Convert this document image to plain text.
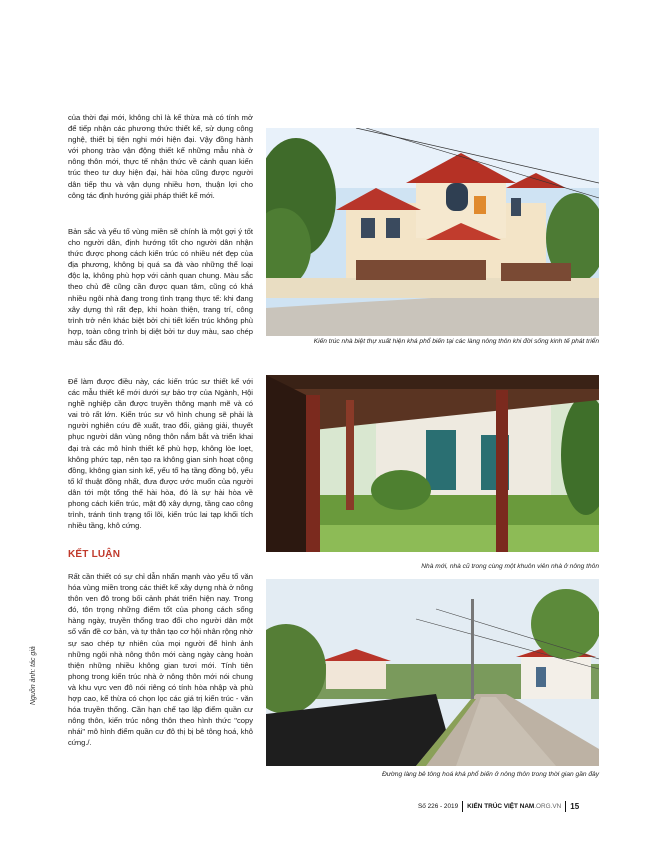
của thời đại mới, không chỉ là kế thừa mà có tính mở để tiếp nhận các phương thức thiết kế, sử dụng công nghệ, thiết bị tiện nghi mới hiện đại. Vậy đồng hành với phong trào vận động thiết kế những mẫu nhà ở nông thôn mới, thực tế nhận thức về cảnh quan kiến trúc theo tư duy hiện đại, hài hòa cũng được người dân tiếp thu và vận dụng nhiều hơn, thuận lợi cho công tác định hướng giải pháp thiết kế mới.

Bản sắc và yếu tố vùng miền sẽ chính là một gợi ý tốt cho người dân, định hướng tốt cho người dân nhận thức được phong cách kiến trúc có nhiều nét đẹp của địa phương, không bị quá sa đà vào những thể loại độc lạ, không phù hợp với cảnh quan chung. Màu sắc theo chủ đề cũng cần được quan tâm, cũng có khá nhiều ngôi nhà đang trong tình trạng thực tế: khi đang xây dựng thì rất đẹp, khi hoàn thiện, trang trí, công trình trở nên khác biệt bởi chi tiết kiến trúc không phù hợp, toàn công trình bị diệt bởi tư duy màu, sao chép màu sắc đầu đó.

Để làm được điều này, các kiến trúc sư thiết kế với các mẫu thiết kế mới dưới sự bảo trợ của Ngành, Hội nghề nghiệp cần được truyền thông mạnh mẽ và có vai trò rất lớn. Kiến trúc sư vô hình chung sẽ phải là người nghiên cứu đề xuất, trao đổi, giảng giải, thuyết phục người dân vùng nông thôn nắm bắt và triển khai đại trà các mô hình thiết kế phù hợp, không lòe loẹt, không phức tạp, nên tạo ra không gian sinh hoạt cộng đồng, không gian sinh kế, yếu tố hạ tầng đồng bộ, yếu tố kĩ thuật đồng nhất, đưa được ước muốn của người dân tới một tổng thể hài hòa, đó là sự hài hòa về phong cách kiến trúc, mật độ xây dựng, tầng cao công trình, tránh tình trạng tối lõi, kiến trúc lai tạp khối tích nhiều tầng, khô cứng.

KẾT LUẬN

Rất cần thiết có sự chỉ dẫn nhấn mạnh vào yếu tố văn hóa vùng miền trong các thiết kế xây dựng nhà ở nông thôn ven đô trong bối cảnh phát triển hiện nay. Trong đó, tôn trọng những điểm tốt của phong cách sống hàng ngày, truyền thống trao đổi cho người dân một số vấn đề cơ bản, và tự thân tạo cơ hội nhân rộng nhờ sự sao chép tự nhiên của mọi người để hình ảnh những ngôi nhà nông thôn mới càng ngày càng hoàn thiện những nhiều không gian tươi mới. Tính tiên phong trong kiến trúc nhà ở nông thôn mới nói chung và khu vực ven đô nói riêng có tính hòa nhập và phù hợp cao, kế thừa có chọn lọc các giá trị kiến trúc - văn hóa truyền thống. Cần hạn chế tạo lập điểm quần cư nông thôn, kiến trúc nông thôn theo hình thức "copy nhái" mô hình điểm quần cư đô thị bị bê tông hoá, khô cứng./.

Nguồn ảnh: tác giả

Kiến trúc nhà biệt thự xuất hiện khá phổ biến tại các làng nông thôn khi đời sống kinh tế phát triển

Nhà mới, nhà cũ trong cùng một khuôn viên nhà ở nông thôn

Đường làng bê tông hoá khá phổ biến ở nông thôn trong thời gian gần đây

Số 226 - 2019 KIẾN TRÚC VIỆT NAM.ORG.VN 15
